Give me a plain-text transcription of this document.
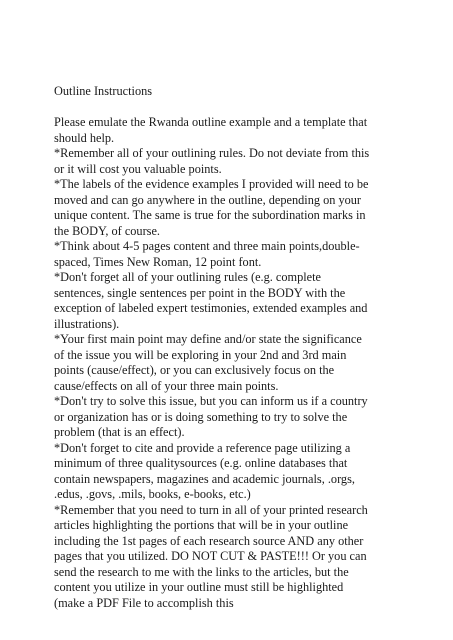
Outline Instructions

Please emulate the Rwanda outline example and a template that
should help.

*Remember all of your outlining rules. Do not deviate from this
or it will cost you valuable points.

*The labels of the evidence examples I provided will need to be
moved and can go anywhere in the outline, depending on your
unique content. The same is true for the subordination marks in
the BODY, of course.

*Think about 4-5 pages content and three main points,double-
spaced, Times New Roman, 12 point font.

*Don't forget all of your outlining rules (e.g. complete
sentences, single sentences per point in the BODY with the
exception of labeled expert testimonies, extended examples and
illustrations).

*Your first main point may define and/or state the significance
of the issue you will be exploring in your 2nd and 3rd main
points (cause/effect), or you can exclusively focus on the
cause/effects on all of your three main points.

*Don't try to solve this issue, but you can inform us if a country
or organization has or is doing something to try to solve the
problem (that is an effect).

*Don't forget to cite and provide a reference page utilizing a
minimum of three qualitysources (e.g. online databases that
contain newspapers, magazines and academic journals, .orgs,
.edus, .govs, .mils, books, e-books, etc.)

*Remember that you need to turn in all of your printed research
articles highlighting the portions that will be in your outline
including the 1st pages of each research source AND any other
pages that you utilized. DO NOT CUT & PASTE!!! Or you can
send the research to me with the links to the articles, but the
content you utilize in your outline must still be highlighted
(make a PDF File to accomplish this
